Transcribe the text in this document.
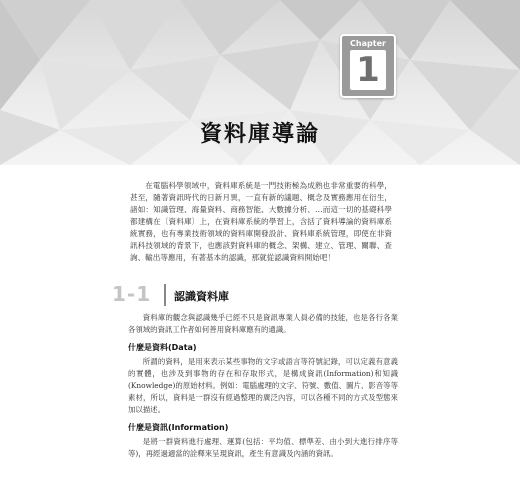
Chapter
1
資料庫導論

在電腦科學領域中，資料庫系統是一門技術極為成熟也非常重要的科學，甚至，隨著資訊時代的日新月異，一直有新的議題、概念及實務應用在衍生，諸如：知識管理、海量資料、商務智能、大數據分析、…而這一切的基礎科學都建構在〔資料庫〕上，在資料庫系統的學習上，含括了資料導論的資料庫系統實務，也有專業技術領域的資料庫開發設計、資料庫系統管理，即使在非資訊科技領域的背景下，也應該對資料庫的概念、架構、建立、管理、關聯、查詢、輸出等應用，有著基本的認識，那就從認識資料開始吧！

1-1 認識資料庫

資料庫的觀念與認識幾乎已經不只是資訊專業人員必備的技能，也是各行各業各領域的資訊工作者如何善用資料庫應有的通識。

什麼是資料(Data)

所謂的資料，是用來表示某些事物的文字或語言等符號記錄，可以定義有意義的實體，也涉及到事物的存在和存取形式，是構成資訊(Information)和知識(Knowledge)的原始材料。例如：電腦處理的文字、符號、數值、圖片、影音等等素材，所以，資料是一群沒有經過整理的廣泛內容，可以各種不同的方式及型態來加以描述。

什麼是資訊(Information)

是將一群資料進行處理、運算(包括：平均值、標準差、由小到大進行排序等等)，再經過適當的詮釋來呈現資訊，產生有意識及內涵的資訊。
